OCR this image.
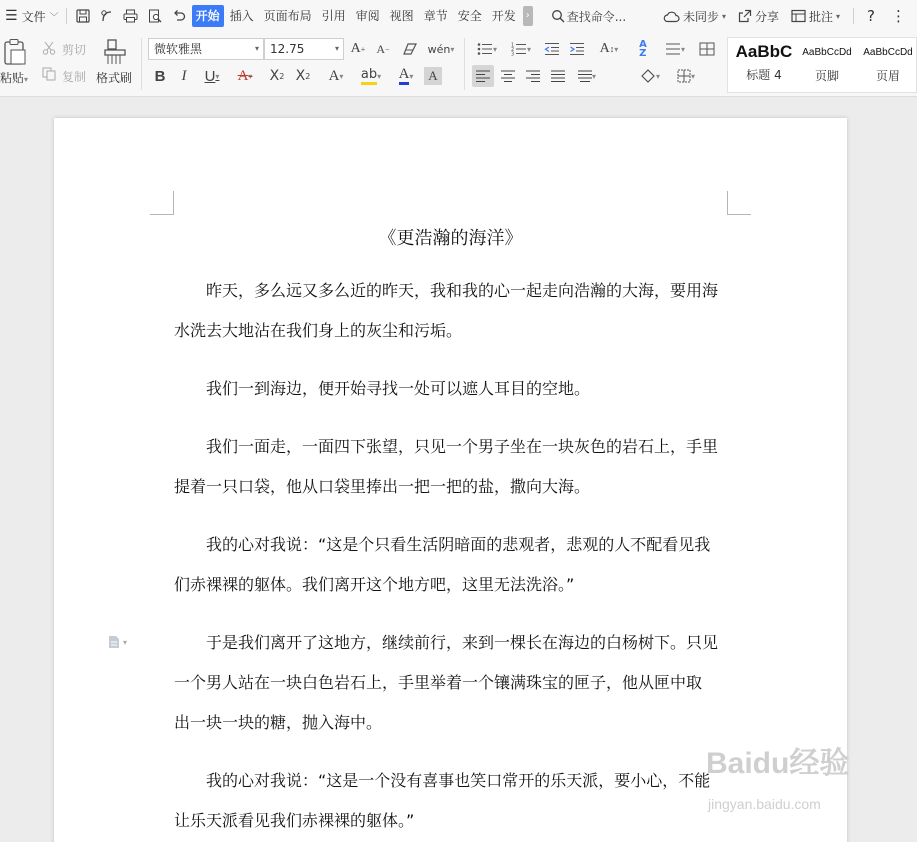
☰ 文件 ﹀	开始 插入 页面布局 引用 审阅 视图 章节 安全 开发	›	查找命令...	未同步 ▾ 分享	批注 ▾ ? ⋮
粘贴▾
剪切
复制 格式刷
微软雅黑	▾ 12.75	▾ A + A −	wén ▾
B	I	U ▾	A ▾ X 2 X 2	A ▾ ab ▾ A ▾	A
▾	1
2
3
▾	A ↕ ▾	A
Z	▾
▾	▾	▾
AaBbC
标题 4
AaBbCcDd
页脚
AaBbCcDd
页眉
《更浩瀚的海洋》
昨天，多么远又多么近的昨天，我和我的心一起走向浩瀚的大海，要用海
水洗去大地沾在我们身上的灰尘和污垢。
我们一到海边，便开始寻找一处可以遮人耳目的空地。
我们一面走，一面四下张望，只见一个男子坐在一块灰色的岩石上，手里
提着一只口袋，他从口袋里捧出一把一把的盐，撒向大海。
我的心对我说：“这是个只看生活阴暗面的悲观者，悲观的人不配看见我
们赤裸裸的躯体。我们离开这个地方吧，这里无法洗浴。”
于是我们离开了这地方，继续前行，来到一棵长在海边的白杨树下。只见
一个男人站在一块白色岩石上，手里举着一个镶满珠宝的匣子，他从匣中取
出一块一块的糖，抛入海中。
我的心对我说：“这是一个没有喜事也笑口常开的乐天派，要小心，不能
让乐天派看见我们赤裸裸的躯体。”
▾
Baidu经验
jingyan.baidu.com
